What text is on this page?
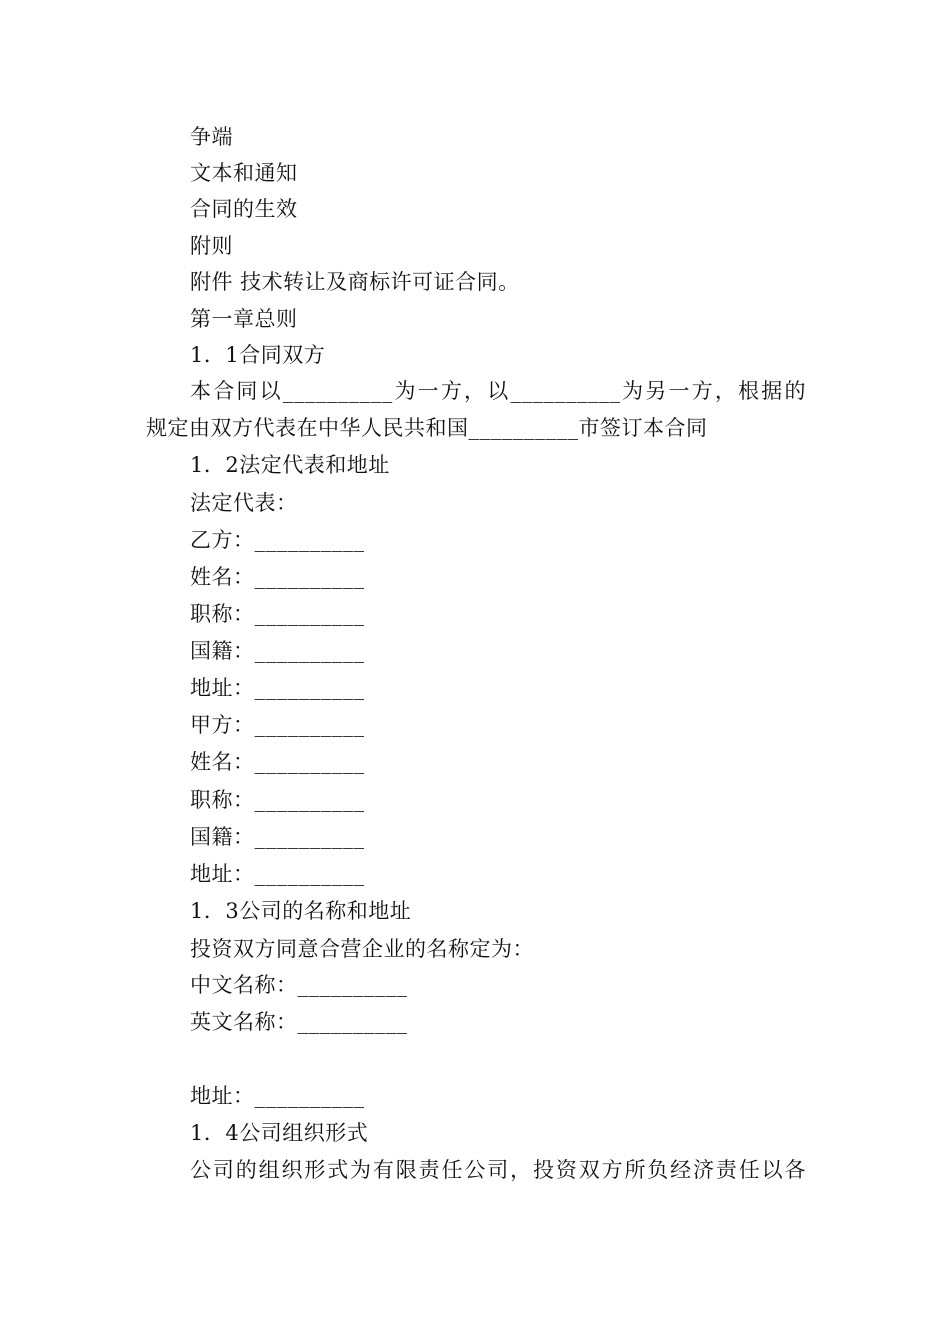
争端
文本和通知
合同的生效
附则
附件 技术转让及商标许可证合同。
第一章总则
1．1合同双方
本合同以__________为一方，以__________为另一方，根据的
规定由双方代表在中华人民共和国__________市签订本合同
1．2法定代表和地址
法定代表：
乙方：__________
姓名：__________
职称：__________
国籍：__________
地址：__________
甲方：__________
姓名：__________
职称：__________
国籍：__________
地址：__________
1．3公司的名称和地址
投资双方同意合营企业的名称定为：
中文名称：__________
英文名称：__________
地址：__________
1．4公司组织形式
公司的组织形式为有限责任公司，投资双方所负经济责任以各
